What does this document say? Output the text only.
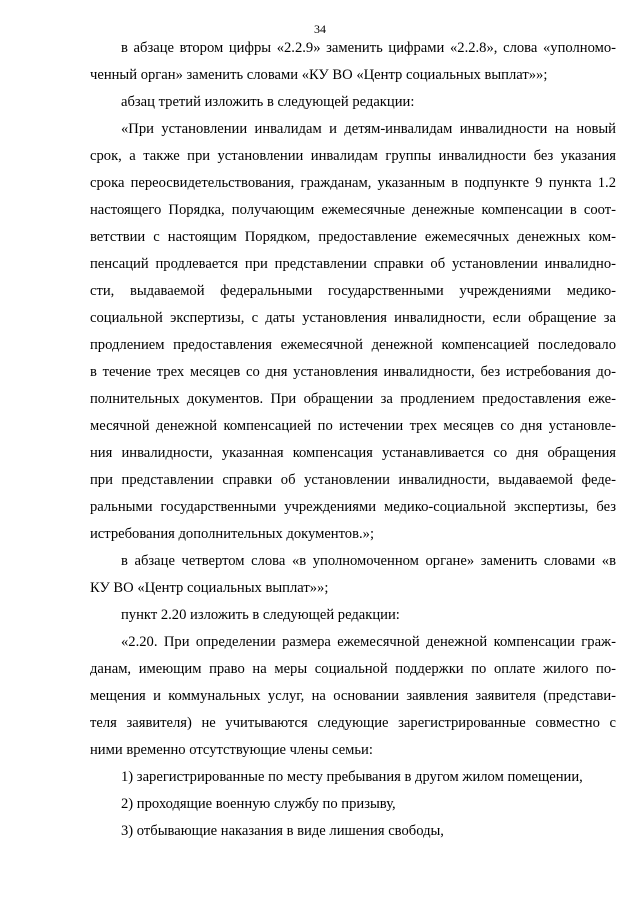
34
в абзаце втором цифры «2.2.9» заменить цифрами «2.2.8», слова «уполномо-
ченный орган» заменить словами «КУ ВО «Центр социальных выплат»»;
абзац третий изложить в следующей редакции:
«При установлении инвалидам и детям-инвалидам инвалидности на новый
срок, а также при установлении инвалидам группы инвалидности без указания
срока переосвидетельствования, гражданам, указанным в подпункте 9 пункта 1.2
настоящего Порядка, получающим ежемесячные денежные компенсации в соот-
ветствии с настоящим Порядком, предоставление ежемесячных денежных ком-
пенсаций продлевается при представлении справки об установлении инвалидно-
сти, выдаваемой федеральными государственными учреждениями медико-
социальной экспертизы, с даты установления инвалидности, если обращение за
продлением предоставления ежемесячной денежной компенсацией последовало
в течение трех месяцев со дня установления инвалидности, без истребования до-
полнительных документов. При обращении за продлением предоставления еже-
месячной денежной компенсацией по истечении трех месяцев со дня установле-
ния инвалидности, указанная компенсация устанавливается со дня обращения
при представлении справки об установлении инвалидности, выдаваемой феде-
ральными государственными учреждениями медико-социальной экспертизы, без
истребования дополнительных документов.»;
в абзаце четвертом слова «в уполномоченном органе» заменить словами «в
КУ ВО «Центр социальных выплат»»;
пункт 2.20 изложить в следующей редакции:
«2.20. При определении размера ежемесячной денежной компенсации граж-
данам, имеющим право на меры социальной поддержки по оплате жилого по-
мещения и коммунальных услуг, на основании заявления заявителя (представи-
теля заявителя) не учитываются следующие зарегистрированные совместно с
ними временно отсутствующие члены семьи:
1) зарегистрированные по месту пребывания в другом жилом помещении,
2) проходящие военную службу по призыву,
3) отбывающие наказания в виде лишения свободы,
